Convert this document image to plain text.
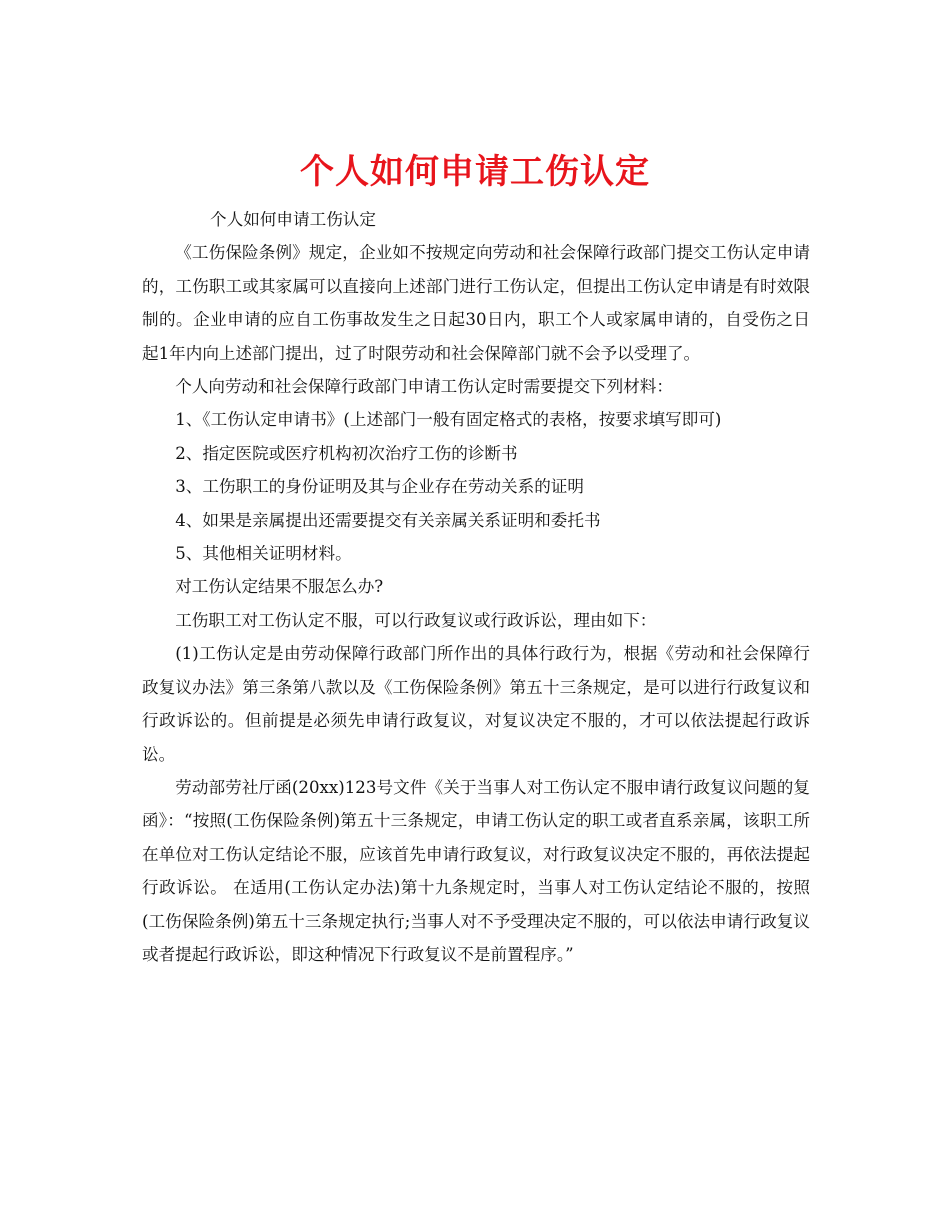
个人如何申请工伤认定

个人如何申请工伤认定

《工伤保险条例》规定，企业如不按规定向劳动和社会保障行政部门提交工伤认定申请的，工伤职工或其家属可以直接向上述部门进行工伤认定，但提出工伤认定申请是有时效限制的。企业申请的应自工伤事故发生之日起30日内，职工个人或家属申请的，自受伤之日起1年内向上述部门提出，过了时限劳动和社会保障部门就不会予以受理了。

个人向劳动和社会保障行政部门申请工伤认定时需要提交下列材料：

1、《工伤认定申请书》(上述部门一般有固定格式的表格，按要求填写即可)

2、指定医院或医疗机构初次治疗工伤的诊断书

3、工伤职工的身份证明及其与企业存在劳动关系的证明

4、如果是亲属提出还需要提交有关亲属关系证明和委托书

5、其他相关证明材料。

对工伤认定结果不服怎么办?

工伤职工对工伤认定不服，可以行政复议或行政诉讼，理由如下：

(1)工伤认定是由劳动保障行政部门所作出的具体行政行为，根据《劳动和社会保障行政复议办法》第三条第八款以及《工伤保险条例》第五十三条规定，是可以进行行政复议和行政诉讼的。但前提是必须先申请行政复议，对复议决定不服的，才可以依法提起行政诉讼。

劳动部劳社厅函(20xx)123号文件《关于当事人对工伤认定不服申请行政复议问题的复函》：“按照(工伤保险条例)第五十三条规定，申请工伤认定的职工或者直系亲属，该职工所在单位对工伤认定结论不服，应该首先申请行政复议，对行政复议决定不服的，再依法提起行政诉讼。 在适用(工伤认定办法)第十九条规定时，当事人对工伤认定结论不服的，按照(工伤保险条例)第五十三条规定执行;当事人对不予受理决定不服的，可以依法申请行政复议或者提起行政诉讼，即这种情况下行政复议不是前置程序。”
